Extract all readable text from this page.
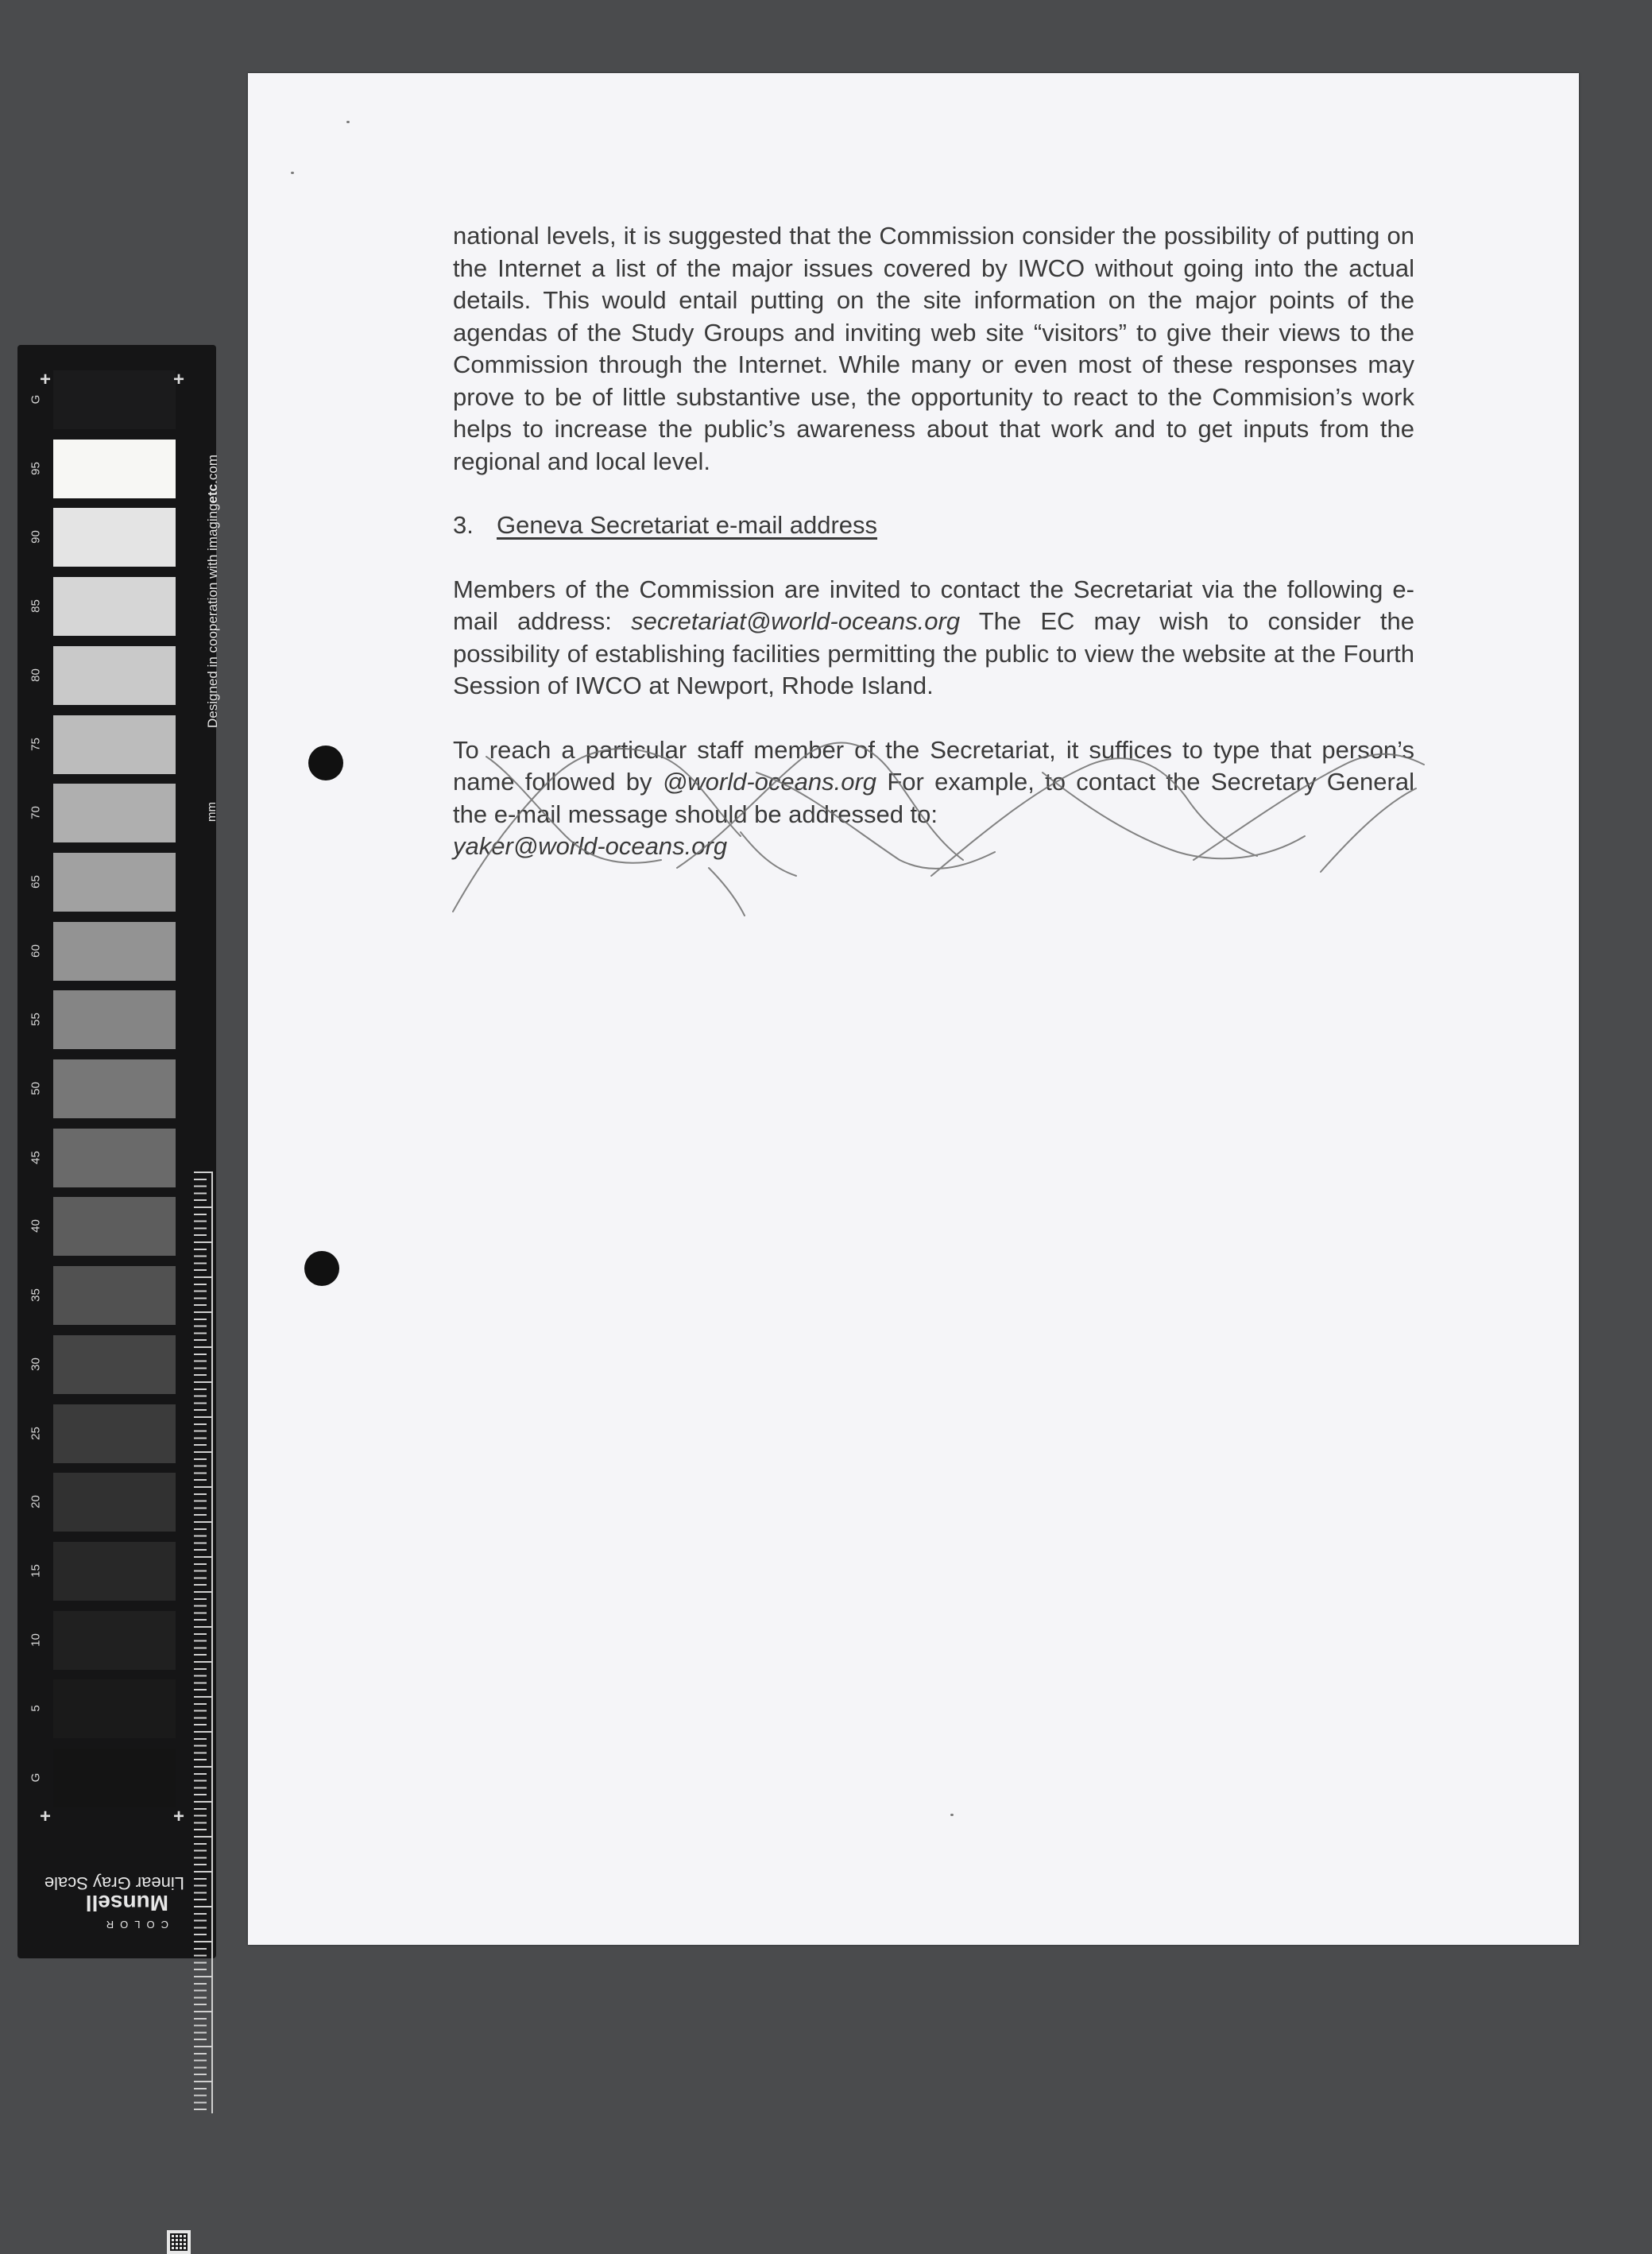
G
95
90
85
80
75
70
65
60
55
50
45
40
35
30
25
20
15
10
5
G
+	+
+	+
Designed in cooperation with imagingetc.com
mm
Linear Gray Scale
Munsell
COLOR

national levels, it is suggested that the Commission consider the possibility of putting on the Internet a list of the major issues covered by IWCO without going into the actual details. This would entail putting on the site information on the major points of the agendas of the Study Groups and inviting web site “visitors” to give their views to the Commission through the Internet. While many or even most of these responses may prove to be of little substantive use, the opportunity to react to the Commision’s work helps to increase the public’s awareness about that work and to get inputs from the regional and local level.

3. Geneva Secretariat e-mail address

Members of the Commission are invited to contact the Secretariat via the following e-mail address: secretariat@world-oceans.org The EC may wish to consider the possibility of establishing facilities permitting the public to view the website at the Fourth Session of IWCO at Newport, Rhode Island.

To reach a particular staff member of the Secretariat, it suffices to type that person’s name followed by @world-oceans.org For example, to contact the Secretary General the e-mail message should be addressed to:

yaker@world-oceans.org
